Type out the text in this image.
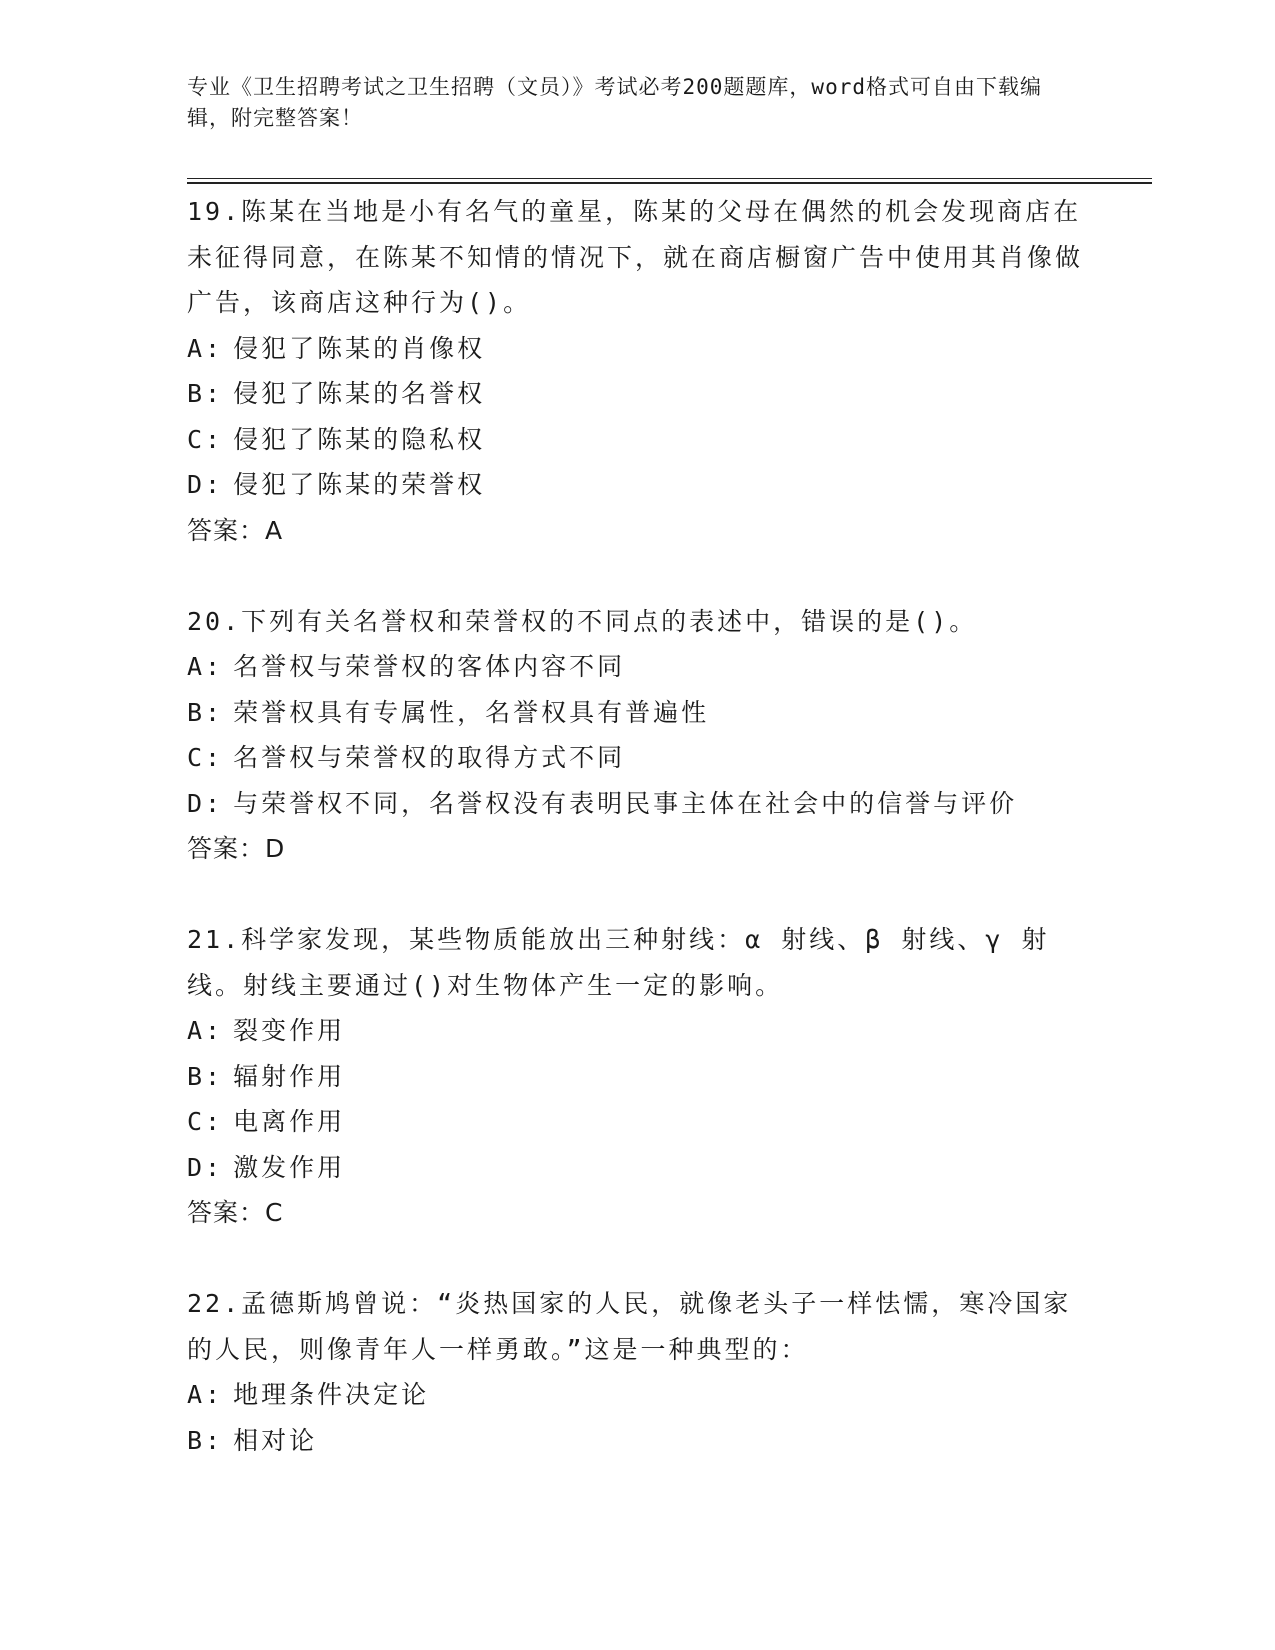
专业《卫生招聘考试之卫生招聘（文员）》考试必考200题题库，word格式可自由下载编辑，附完整答案！

19.陈某在当地是小有名气的童星，陈某的父母在偶然的机会发现商店在未征得同意，在陈某不知情的情况下，就在商店橱窗广告中使用其肖像做广告，该商店这种行为()。

A: 侵犯了陈某的肖像权

B: 侵犯了陈某的名誉权

C: 侵犯了陈某的隐私权

D: 侵犯了陈某的荣誉权

答案：A

20.下列有关名誉权和荣誉权的不同点的表述中，错误的是()。

A: 名誉权与荣誉权的客体内容不同

B: 荣誉权具有专属性，名誉权具有普遍性

C: 名誉权与荣誉权的取得方式不同

D: 与荣誉权不同，名誉权没有表明民事主体在社会中的信誉与评价

答案：D

21.科学家发现，某些物质能放出三种射线：α 射线、β 射线、γ 射线。射线主要通过()对生物体产生一定的影响。

A: 裂变作用

B: 辐射作用

C: 电离作用

D: 激发作用

答案：C

22.孟德斯鸠曾说：“炎热国家的人民，就像老头子一样怯懦，寒冷国家的人民，则像青年人一样勇敢。”这是一种典型的：

A: 地理条件决定论

B: 相对论
